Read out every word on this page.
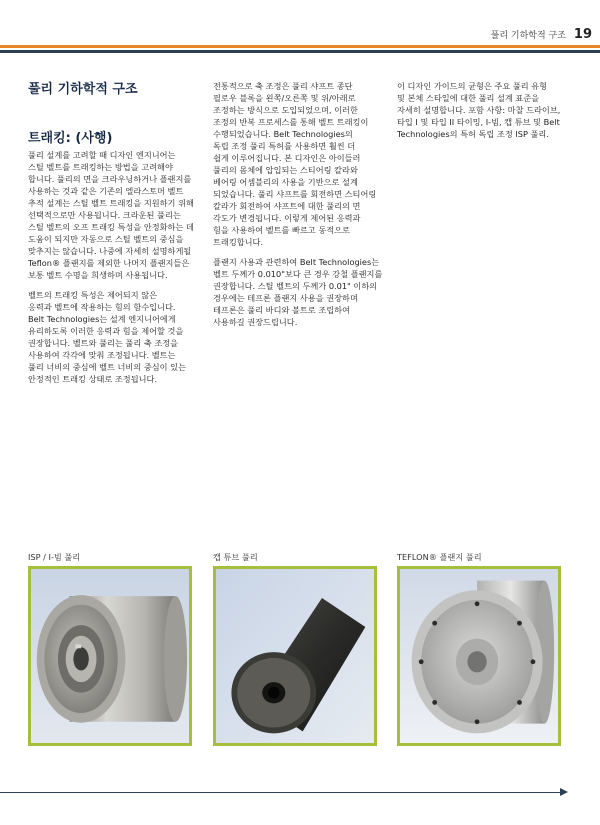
풀리 기하학적 구조 19
풀리 기하학적 구조
트래킹: (사행)

풀리 설계를 고려할 때 디자인 엔지니어는
스틸 벨트를 트래킹하는 방법을 고려해야
합니다. 풀리의 면을 크라우닝하거나 플랜지를
사용하는 것과 같은 기존의 엘라스토머 벨트
추적 설계는 스틸 벨트 트래킹을 지원하기 위해
선택적으로만 사용됩니다. 크라운된 풀리는
스틸 벨트의 오프 트래킹 특성을 안정화하는 데
도움이 되지만 자동으로 스틸 벨트의 중심을
맞추지는 않습니다. 나중에 자세히 설명하게될
Teflon® 플랜지를 제외한 나머지 플랜지들은
보통 벨트 수명을 희생하며 사용됩니다.

벨트의 트래킹 특성은 제어되지 않은
응력과 벨트에 작용하는 힘의 함수입니다.
Belt Technologies는 설계 엔지니어에게
유리하도록 이러한 응력과 힘을 제어할 것을
권장합니다. 벨트와 풀리는 풀리 축 조정을
사용하여 각각에 맞춰 조정됩니다. 벨트는
풀리 너비의 중심에 벨트 너비의 중심이 있는
안정적인 트래킹 상태로 조정됩니다.

전통적으로 축 조정은 풀리 샤프트 종단
필로우 블록을 왼쪽/오른쪽 및 위/아래로
조정하는 방식으로 도입되었으며, 이러한
조정의 반복 프로세스를 통해 벨트 트래킹이
수행되었습니다. Belt Technologies의
독립 조정 풀리 특허를 사용하면 훨씬 더
쉽게 이루어집니다. 본 디자인은 아이들러
풀리의 몸체에 압입되는 스티어링 칼라와
베어링 어셈블리의 사용을 기반으로 설계
되었습니다. 풀리 샤프트를 회전하면 스티어링
칼라가 회전하여 샤프트에 대한 풀리의 면
각도가 변경됩니다. 이렇게 제어된 응력과
힘을 사용하여 벨트를 빠르고 동적으로
트래킹합니다.

플랜지 사용과 관련하여 Belt Technologies는
벨트 두께가 0.010"보다 큰 경우 강철 플랜지를
권장합니다. 스틸 벨트의 두께가 0.01" 이하의
경우에는 테프론 플랜지 사용을 권장하며
테프론은 풀리 바디와 볼트로 조립하여
사용하길 권장드립니다.

이 디자인 가이드의 균형은 주요 풀리 유형
및 본체 스타일에 대한 풀리 설계 표준을
자세히 설명합니다. 포함 사항: 마찰 드라이브,
타입 I 및 타입 II 타이밍, I-빔, 캡 튜브 및 Belt
Technologies의 특허 독립 조정 ISP 풀리.

ISP / I-빔 풀리	캡 튜브 풀리	TEFLON® 플랜지 풀리
